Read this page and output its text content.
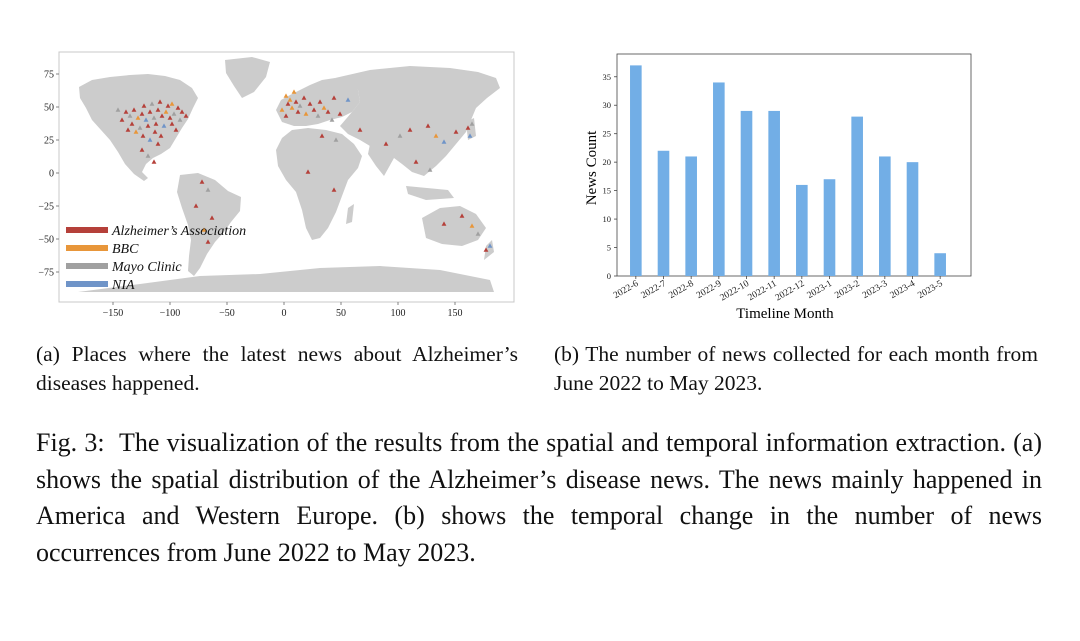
75
50
25
0
−25
−50
−75
−150	−100	−50	0	50	100	150
Alzheimer’s Association
BBC
Mayo Clinic
NIA
0
5
10
15
20
25
30
35
2022-6 2022-7 2022-8 2022-9
2022-10
2022-11
2022-12 2023-1 2023-2 2023-3 2023-4 2023-5
News Count
Timeline Month
(a) Places where the latest news about Alzheimer’s diseases happened.
(b) The number of news collected for each month from June 2022 to May 2023.
Fig. 3: The visualization of the results from the spatial and temporal information extraction. (a) shows the spatial distribution of the Alzheimer’s disease news. The news mainly happened in America and Western Europe. (b) shows the temporal change in the number of news occurrences from June 2022 to May 2023.
